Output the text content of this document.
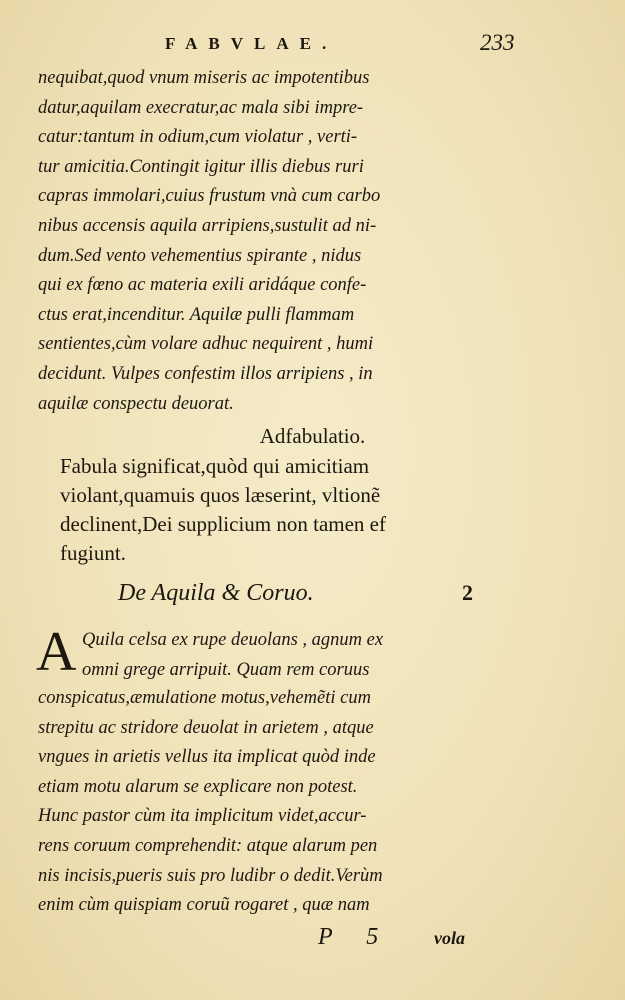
FABVLAE.	233
nequibat,quod vnum miseris ac impotentibus
datur,aquilam execratur,ac mala sibi impre-
catur:tantum in odium,cum violatur , verti-
tur amicitia.Contingit igitur illis diebus ruri
capras immolari,cuius frustum vnà cum carbo
nibus accensis aquila arripiens,sustulit ad ni-
dum.Sed vento vehementius spirante , nidus
qui ex fœno ac materia exili aridáque confe-
ctus erat,incenditur. Aquilæ pulli flammam
sentientes,cùm volare adhuc nequirent , humi
decidunt. Vulpes confestim illos arripiens , in
aquilæ conspectu deuorat.
Adfabulatio.
Fabula significat,quòd qui amicitiam
violant,quamuis quos læserint, vltionẽ
declinent,Dei supplicium non tamen ef
fugiunt.
De Aquila & Coruo.	2
A Quila celsa ex rupe deuolans , agnum ex
omni grege arripuit. Quam rem coruus
conspicatus,æmulatione motus,vehemẽti cum
strepitu ac stridore deuolat in arietem , atque
vngues in arietis vellus ita implicat quòd inde
etiam motu alarum se explicare non potest.
Hunc pastor cùm ita implicitum videt,accur-
rens coruum comprehendit: atque alarum pen
nis incisis,pueris suis pro ludibr o dedit.Verùm
enim cùm quispiam coruũ rogaret , quæ nam
P 5 vola
